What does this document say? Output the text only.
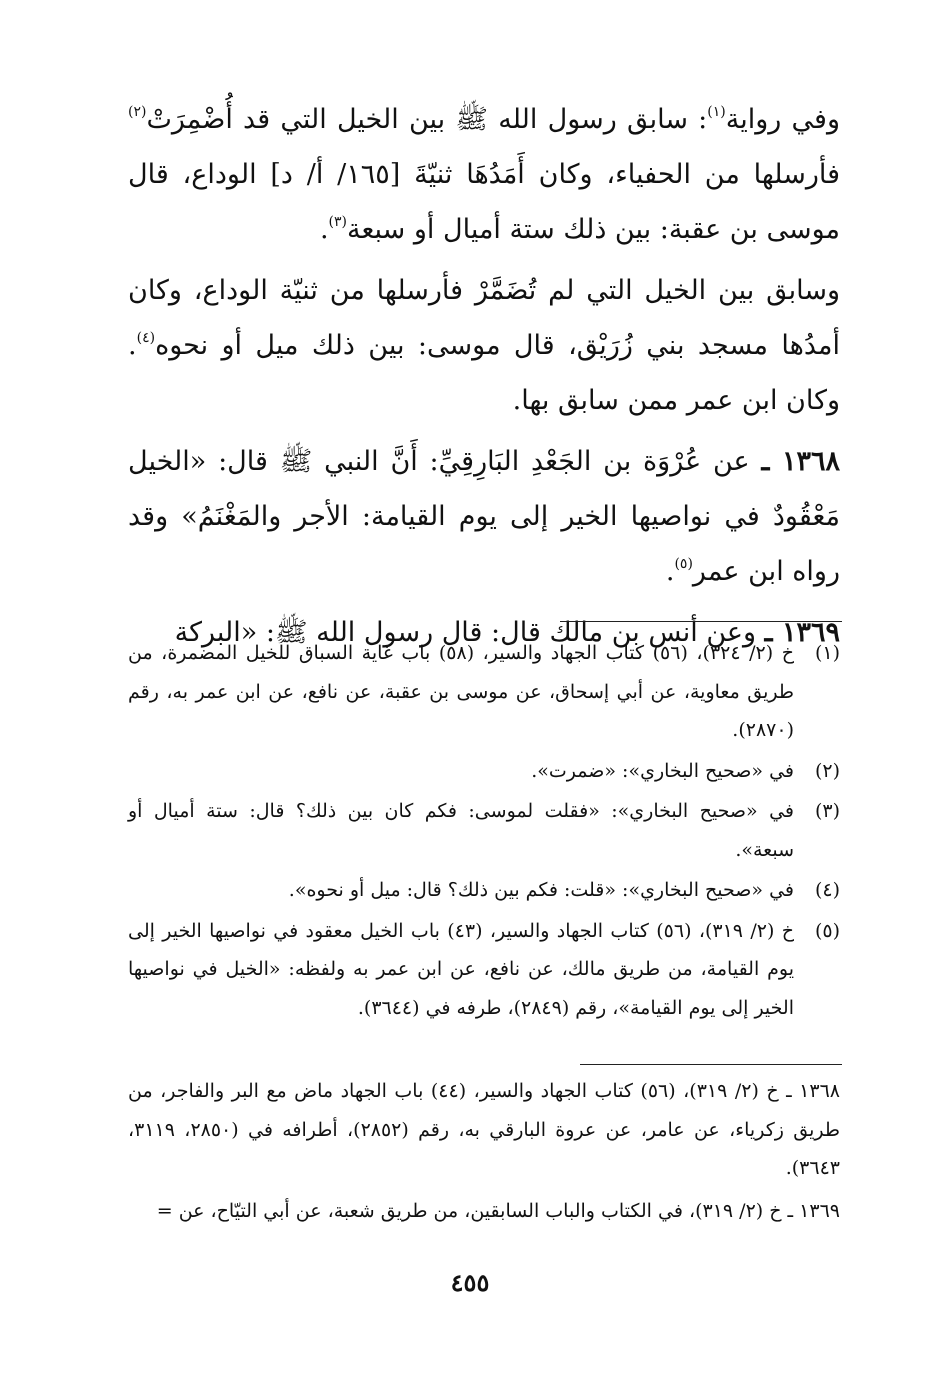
وفي رواية$^{(١)}$: سابق رسول الله ﷺ بين الخيل التي قد أُضْمِرَتْ$^{(٢)}$ فأرسلها من الحفياء، وكان أَمَدُهَا ثنيّةَ [١٦٥/ أ/ د] الوداع، قال موسى بن عقبة: بين ذلك ستة أميال أو سبعة$^{(٣)}$.

وسابق بين الخيل التي لم تُضَمَّرْ فأرسلها من ثنيّة الوداع، وكان أمدُها مسجد بني زُرَيْق، قال موسى: بين ذلك ميل أو نحوه$^{(٤)}$. وكان ابن عمر ممن سابق بها.

١٣٦٨ ـ عن عُرْوَة بن الجَعْدِ البَارِقِيِّ: أَنَّ النبي ﷺ قال: «الخيل مَعْقُودٌ في نواصيها الخير إلى يوم القيامة: الأجر والمَغْنَمُ» وقد رواه ابن عمر$^{(٥)}$.

١٣٦٩ ـ وعن أنس بن مالك قال: قال رسول الله ﷺ: «البركة

(١)
خ (٢/ ٣٢٤)، (٥٦) كتاب الجهاد والسير، (٥٨) باب غاية السباق للخيل المضمرة، من طريق معاوية، عن أبي إسحاق، عن موسى بن عقبة، عن نافع، عن ابن عمر به، رقم (٢٨٧٠).
(٢)
في «صحيح البخاري»: «ضمرت».
(٣)
في «صحيح البخاري»: «فقلت لموسى: فكم كان بين ذلك؟ قال: ستة أميال أو سبعة».
(٤)
في «صحيح البخاري»: «قلت: فكم بين ذلك؟ قال: ميل أو نحوه».
(٥)
خ (٢/ ٣١٩)، (٥٦) كتاب الجهاد والسير، (٤٣) باب الخيل معقود في نواصيها الخير إلى يوم القيامة، من طريق مالك، عن نافع، عن ابن عمر به ولفظه: «الخيل في نواصيها الخير إلى يوم القيامة»، رقم (٢٨٤٩)، طرفه في (٣٦٤٤).
١٣٦٨ ـ خ (٢/ ٣١٩)، (٥٦) كتاب الجهاد والسير، (٤٤) باب الجهاد ماض مع البر والفاجر، من طريق زكرياء، عن عامر، عن عروة البارقي به، رقم (٢٨٥٢)، أطرافه في (٢٨٥٠، ٣١١٩، ٣٦٤٣).
١٣٦٩ ـ خ (٢/ ٣١٩)، في الكتاب والباب السابقين، من طريق شعبة، عن أبي التيّاح، عن =
٤٥٥
